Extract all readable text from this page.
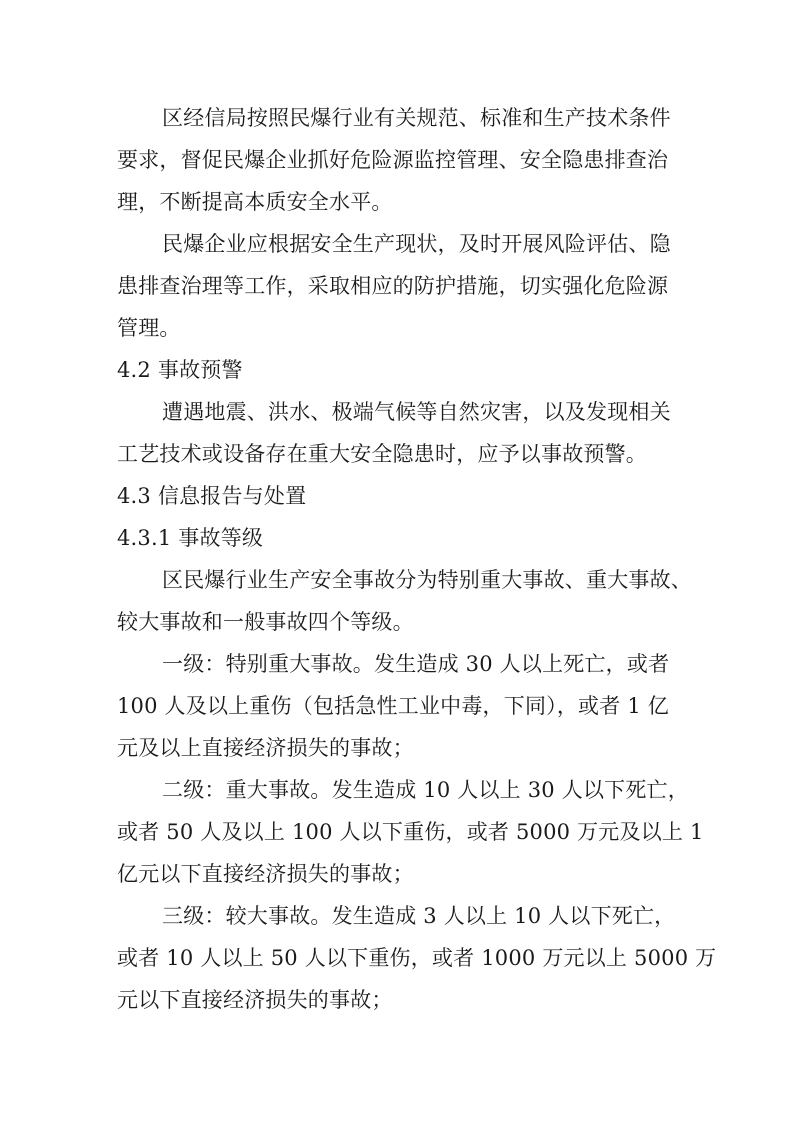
区经信局按照民爆行业有关规范、标准和生产技术条件
要求，督促民爆企业抓好危险源监控管理、安全隐患排查治
理，不断提高本质安全水平。
民爆企业应根据安全生产现状，及时开展风险评估、隐
患排查治理等工作，采取相应的防护措施，切实强化危险源
管理。
4.2 事故预警
遭遇地震、洪水、极端气候等自然灾害，以及发现相关
工艺技术或设备存在重大安全隐患时，应予以事故预警。
4.3 信息报告与处置
4.3.1 事故等级
区民爆行业生产安全事故分为特别重大事故、重大事故、
较大事故和一般事故四个等级。
一级：特别重大事故。发生造成 30 人以上死亡，或者
100 人及以上重伤（包括急性工业中毒，下同），或者 1 亿
元及以上直接经济损失的事故；
二级：重大事故。发生造成 10 人以上 30 人以下死亡，
或者 50 人及以上 100 人以下重伤，或者 5000 万元及以上 1
亿元以下直接经济损失的事故；
三级：较大事故。发生造成 3 人以上 10 人以下死亡，
或者 10 人以上 50 人以下重伤，或者 1000 万元以上 5000 万
元以下直接经济损失的事故；
